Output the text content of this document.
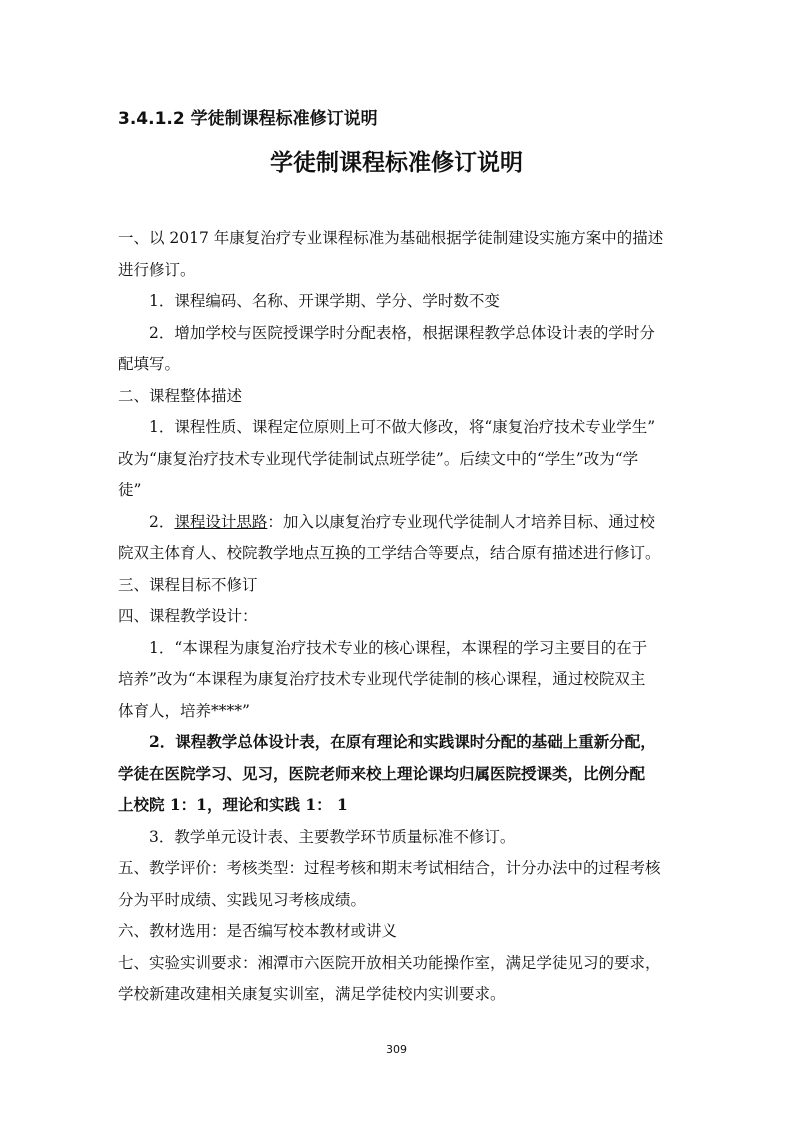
3.4.1.2 学徒制课程标准修订说明
学徒制课程标准修订说明
一、以 2017 年康复治疗专业课程标准为基础根据学徒制建设实施方案中的描述
进行修订。
1．课程编码、名称、开课学期、学分、学时数不变
2．增加学校与医院授课学时分配表格，根据课程教学总体设计表的学时分
配填写。
二、课程整体描述
1．课程性质、课程定位原则上可不做大修改，将“康复治疗技术专业学生”
改为“康复治疗技术专业现代学徒制试点班学徒”。后续文中的“学生”改为“学
徒”
2．课程设计思路：加入以康复治疗专业现代学徒制人才培养目标、通过校
院双主体育人、校院教学地点互换的工学结合等要点，结合原有描述进行修订。
三、课程目标不修订
四、课程教学设计：
1．“本课程为康复治疗技术专业的核心课程，本课程的学习主要目的在于
培养”改为“本课程为康复治疗技术专业现代学徒制的核心课程，通过校院双主
体育人，培养****”
2．课程教学总体设计表，在原有理论和实践课时分配的基础上重新分配，
学徒在医院学习、见习，医院老师来校上理论课均归属医院授课类，比例分配
上校院 1：1，理论和实践 1： 1
3．教学单元设计表、主要教学环节质量标准不修订。
五、教学评价：考核类型：过程考核和期末考试相结合，计分办法中的过程考核
分为平时成绩、实践见习考核成绩。
六、教材选用：是否编写校本教材或讲义
七、实验实训要求：湘潭市六医院开放相关功能操作室，满足学徒见习的要求，
学校新建改建相关康复实训室，满足学徒校内实训要求。
309
